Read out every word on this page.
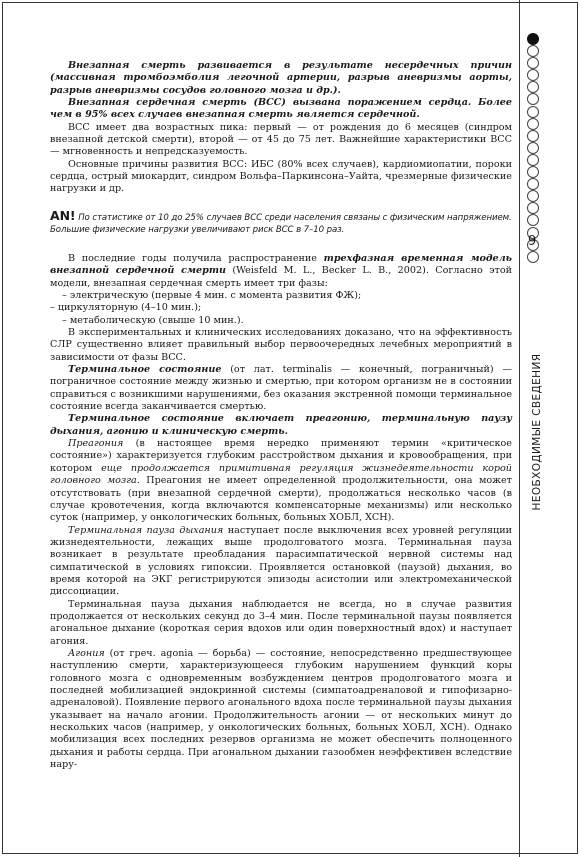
9
НЕОБХОДИМЫЕ СВЕДЕНИЯ

Внезапная смерть развивается в результате несердечных причин (массивная тромбоэмболия легочной артерии, разрыв аневризмы аорты, разрыв аневризмы сосудов головного мозга и др.).

Внезапная сердечная смерть (ВСС) вызвана поражением сердца. Более чем в 95% всех случаев внезапная смерть является сердечной.

ВСС имеет два возрастных пика: первый — от рождения до 6 месяцев (синдром внезапной детской смерти), второй — от 45 до 75 лет. Важнейшие характеристики ВСС — мгновенность и непредсказуемость.

Основные причины развития ВСС: ИБС (80% всех случаев), кардиомиопатии, пороки сердца, острый миокардит, синдром Вольфа–Паркинсона–Уайта, чрезмерные физические нагрузки и др.

AN! По статистике от 10 до 25% случаев ВСС среди населения связаны с физическим напряжением. Большие физические нагрузки увеличивают риск ВСС в 7–10 раз.

В последние годы получила распространение трехфазная временная модель внезапной сердечной смерти (Weisfeld M. L., Becker L. B., 2002). Согласно этой модели, внезапная сердечная смерть имеет три фазы:

– электрическую (первые 4 мин. с момента развития ФЖ);

– циркуляторную (4–10 мин.);

– метаболическую (свыше 10 мин.).

В экспериментальных и клинических исследованиях доказано, что на эффективность СЛР существенно влияет правильный выбор первоочередных лечебных мероприятий в зависимости от фазы ВСС.

Терминальное состояние (от лат. terminalis — конечный, пограничный) — пограничное состояние между жизнью и смертью, при котором организм не в состоянии справиться с возникшими нарушениями, без оказания экстренной помощи терминальное состояние всегда заканчивается смертью.

Терминальное состояние включает преагонию, терминальную паузу дыхания, агонию и клиническую смерть.

Преагония (в настоящее время нередко применяют термин «критическое состояние») характеризуется глубоким расстройством дыхания и кровообращения, при котором еще продолжается примитивная регуляция жизнедеятельности корой головного мозга. Преагония не имеет определенной продолжительности, она может отсутствовать (при внезапной сердечной смерти), продолжаться несколько часов (в случае кровотечения, когда включаются компенсаторные механизмы) или несколько суток (например, у онкологических больных, больных ХОБЛ, ХСН).

Терминальная пауза дыхания наступает после выключения всех уровней регуляции жизнедеятельности, лежащих выше продолговатого мозга. Терминальная пауза возникает в результате преобладания парасимпатической нервной системы над симпатической в условиях гипоксии. Проявляется остановкой (паузой) дыхания, во время которой на ЭКГ регистрируются эпизоды асистолии или электромеханической диссоциации.

Терминальная пауза дыхания наблюдается не всегда, но в случае развития продолжается от нескольких секунд до 3–4 мин. После терминальной паузы появляется агональное дыхание (короткая серия вдохов или один поверхностный вдох) и наступает агония.

Агония (от греч. agonia — борьба) — состояние, непосредственно предшествующее наступлению смерти, характеризующееся глубоким нарушением функций коры головного мозга с одновременным возбуждением центров продолговатого мозга и последней мобилизацией эндокринной системы (симпатоадреналовой и гипофизарно-адреналовой). Появление первого агонального вдоха после терминальной паузы дыхания указывает на начало агонии. Продолжительность агонии — от нескольких минут до нескольких часов (например, у онкологических больных, больных ХОБЛ, ХСН). Однако мобилизация всех последних резервов организма не может обеспечить полноценного дыхания и работы сердца. При агональном дыхании газообмен неэффективен вследствие нару-
